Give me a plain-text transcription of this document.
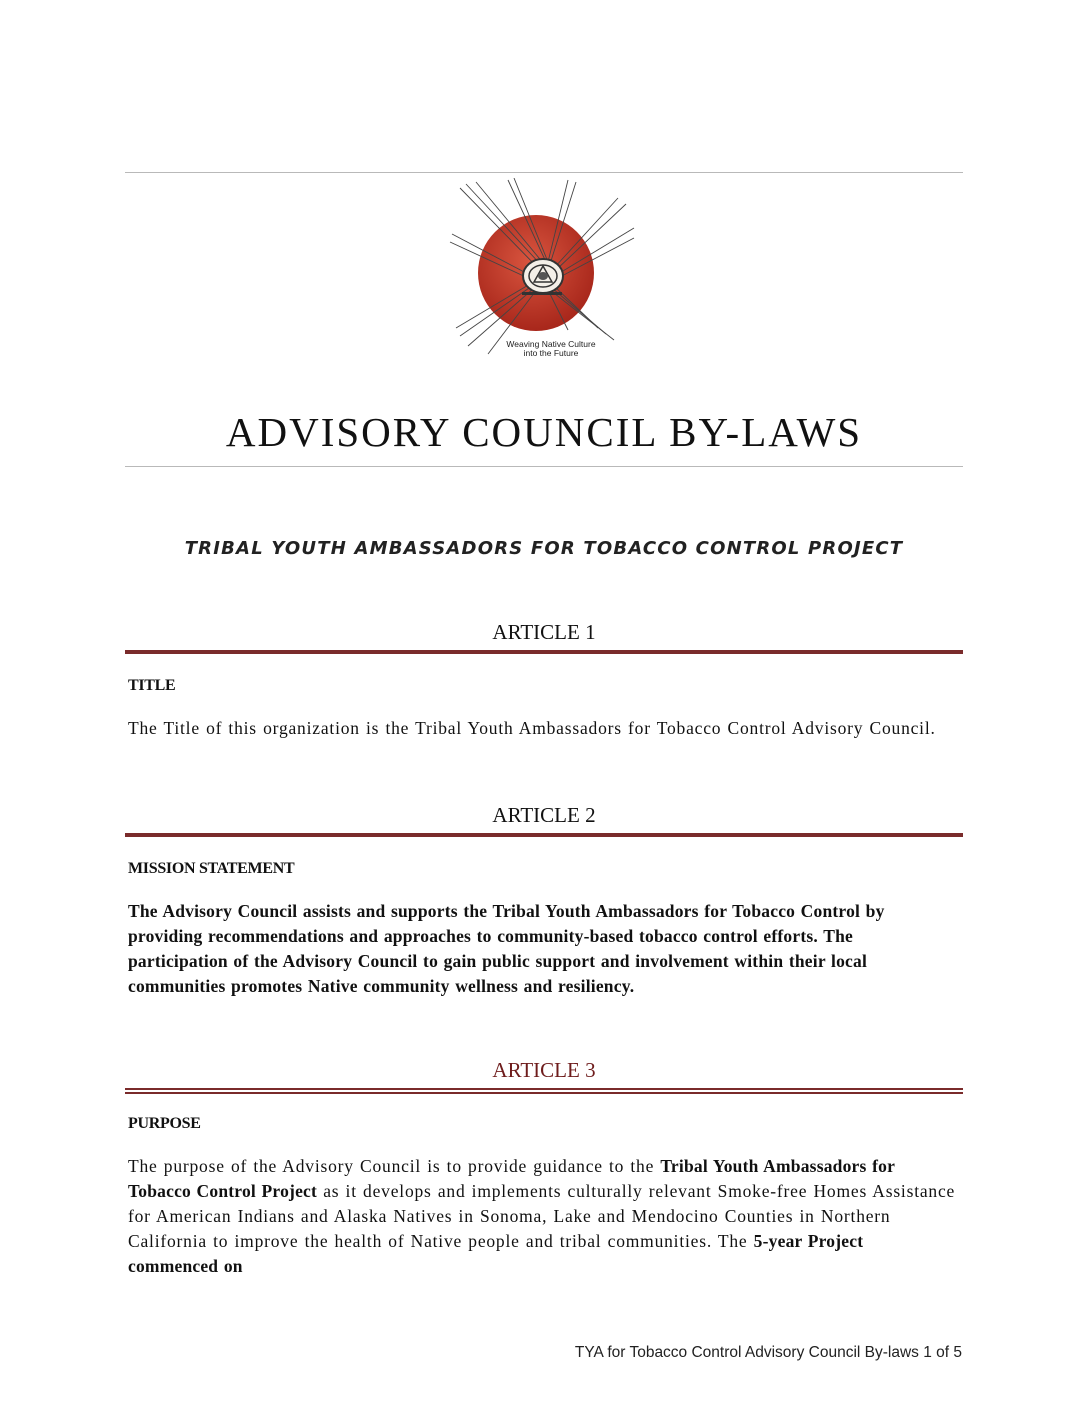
Weaving Native Culture
into the Future
ADVISORY COUNCIL BY-LAWS
TRIBAL YOUTH AMBASSADORS FOR TOBACCO CONTROL PROJECT
ARTICLE 1
TITLE
The Title of this organization is the Tribal Youth Ambassadors for Tobacco Control Advisory Council.
ARTICLE 2
MISSION STATEMENT
The Advisory Council assists and supports the Tribal Youth Ambassadors for Tobacco Control by providing recommendations and approaches to community-based tobacco control efforts. The participation of the Advisory Council to gain public support and involvement within their local communities promotes Native community wellness and resiliency.
ARTICLE 3
PURPOSE
The purpose of the Advisory Council is to provide guidance to the Tribal Youth Ambassadors for Tobacco Control Project as it develops and implements culturally relevant Smoke-free Homes Assistance for American Indians and Alaska Natives in Sonoma, Lake and Mendocino Counties in Northern California to improve the health of Native people and tribal communities. The 5-year Project commenced on
TYA for Tobacco Control Advisory Council By-laws 1 of 5
